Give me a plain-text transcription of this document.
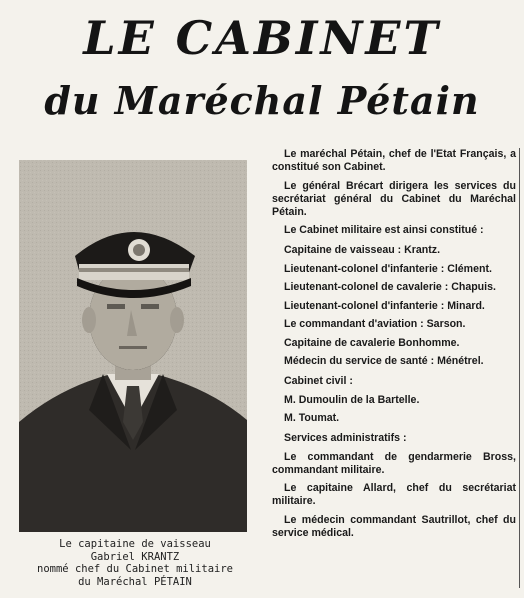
LE CABINET
du Maréchal Pétain
Le capitaine de vaisseau
Gabriel KRANTZ
nommé chef du Cabinet militaire
du Maréchal PÉTAIN

Le maréchal Pétain, chef de l'Etat Français, a constitué son Cabinet.

Le général Brécart dirigera les services du secrétariat général du Cabinet du Maréchal Pétain.

Le Cabinet militaire est ainsi constitué :

Capitaine de vaisseau : Krantz.

Lieutenant-colonel d'infanterie : Clément.

Lieutenant-colonel de cavalerie : Chapuis.

Lieutenant-colonel d'infanterie : Minard.

Le commandant d'aviation : Sarson.

Capitaine de cavalerie Bonhomme.

Médecin du service de santé : Ménétrel.

Cabinet civil :

M. Dumoulin de la Bartelle.

M. Toumat.

Services administratifs :

Le commandant de gendarmerie Bross, commandant militaire.

Le capitaine Allard, chef du secrétariat militaire.

Le médecin commandant Sautrillot, chef du service médical.
